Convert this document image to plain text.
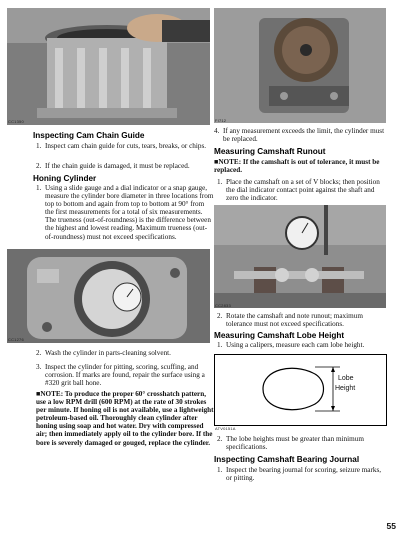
CC1350
Inspecting Cam Chain Guide
1. Inspect cam chain guide for cuts, tears, breaks, or chips.
2. If the chain guide is damaged, it must be replaced.
Honing Cylinder
1. Using a slide gauge and a dial indicator or a snap gauge, measure the cylinder bore diameter in three locations from top to bottom and again from top to bottom at 90° from the first measurements for a total of six measurements. The trueness (out-of-roundness) is the difference between the highest and lowest reading. Maximum trueness (out-of-roundness) must not exceed specifications.
CC1276
2. Wash the cylinder in parts-cleaning solvent.
3. Inspect the cylinder for pitting, scoring, scuffing, and corrosion. If marks are found, repair the surface using a #320 grit ball hone.
■NOTE: To produce the proper 60° crosshatch pattern, use a low RPM drill (600 RPM) at the rate of 30 strokes per minute. If honing oil is not available, use a lightweight petroleum-based oil. Thoroughly clean cylinder after honing using soap and hot water. Dry with compressed air; then immediately apply oil to the cylinder bore. If the bore is severely damaged or gouged, replace the cylinder.
FI712
4. If any measurement exceeds the limit, the cylinder must be replaced.
Measuring Camshaft Runout
■NOTE: If the camshaft is out of tolerance, it must be replaced.
1. Place the camshaft on a set of V blocks; then position the dial indicator contact point against the shaft and zero the indicator.
CC2833
2. Rotate the camshaft and note runout; maximum tolerance must not exceed specifications.
Measuring Camshaft Lobe Height
1. Using a calipers, measure each cam lobe height.
Lobe
Height
ATV0151A
2. The lobe heights must be greater than minimum specifications.
Inspecting Camshaft Bearing Journal
1. Inspect the bearing journal for scoring, seizure marks, or pitting.
55
